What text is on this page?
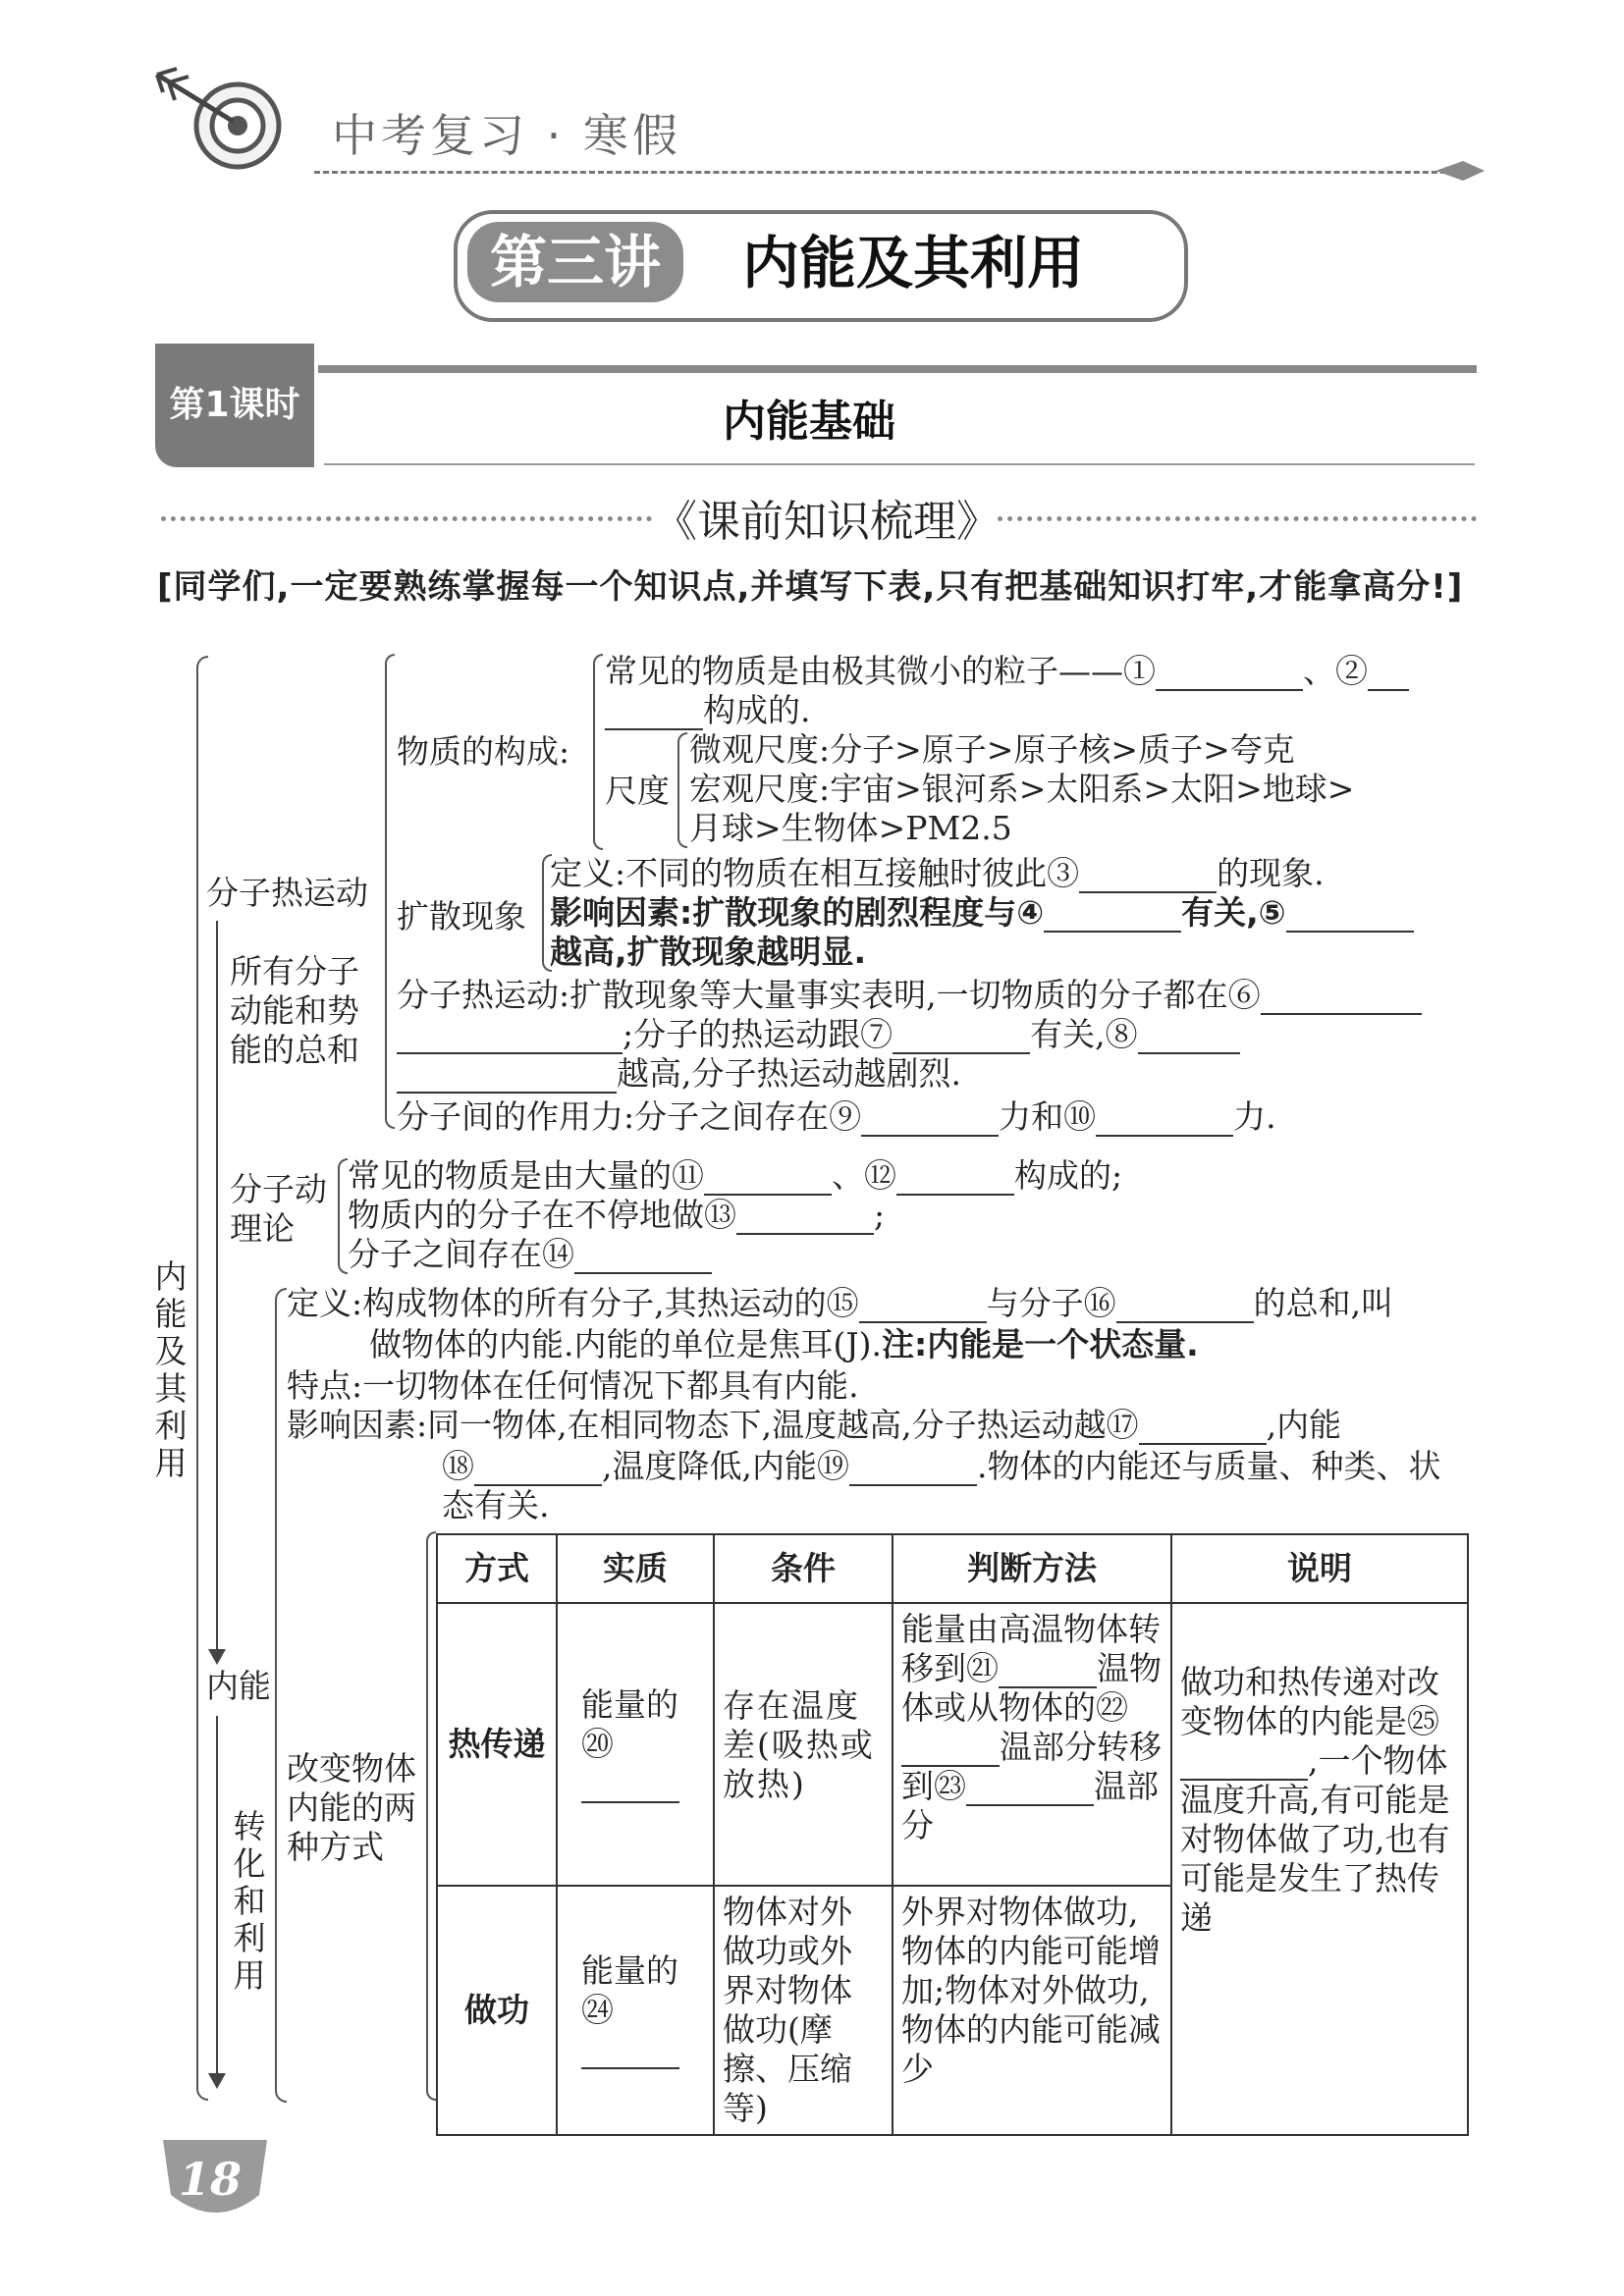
中考复习 · 寒假
第三讲	内能及其利用
第1课时	内能基础
《课前知识梳理》
[同学们,一定要熟练掌握每一个知识点,并填写下表,只有把基础知识打牢,才能拿高分!]
内能及其利用
分子热运动
所有分子动能和势能的总和
分子动理论
内能
转化和利用
物质的构成:
常见的物质是由极其微小的粒子——①	、②
构成的.
尺度
微观尺度:分子>原子>原子核>质子>夸克
宏观尺度:宇宙>银河系>太阳系>太阳>地球>
月球>生物体>PM2.5
扩散现象
定义:不同的物质在相互接触时彼此③	的现象.
影响因素:扩散现象的剧烈程度与④	有关,⑤
越高,扩散现象越明显.
分子热运动:扩散现象等大量事实表明,一切物质的分子都在⑥
;分子的热运动跟⑦	有关,⑧
越高,分子热运动越剧烈.
分子间的作用力:分子之间存在⑨	力和⑩	力.
常见的物质是由大量的⑪	、⑫	构成的;
物质内的分子在不停地做⑬	;
分子之间存在⑭
定义:构成物体的所有分子,其热运动的⑮	与分子⑯	的总和,叫
做物体的内能.内能的单位是焦耳(J).注:内能是一个状态量.
特点:一切物体在任何情况下都具有内能.
影响因素:同一物体,在相同物态下,温度越高,分子热运动越⑰	,内能
⑱	,温度降低,内能⑲	.物体的内能还与质量、种类、状
态有关.
改变物体内能的两种方式
方式	实质	条件	判断方法	说明
热传递	能量的⑳	存在温度差(吸热或放热)	能量由高温物体转移到㉑ 温物体或从物体的㉒温部分转移到㉓ 温部分	做功和热传递对改变物体的内能是㉕,一个物体温度升高,有可能是对物体做了功,也有可能是发生了热传递
做功	能量的㉔	物体对外做功或外界对物体做功(摩擦、压缩等)	外界对物体做功,物体的内能可能增加;物体对外做功,物体的内能可能减少	
18
